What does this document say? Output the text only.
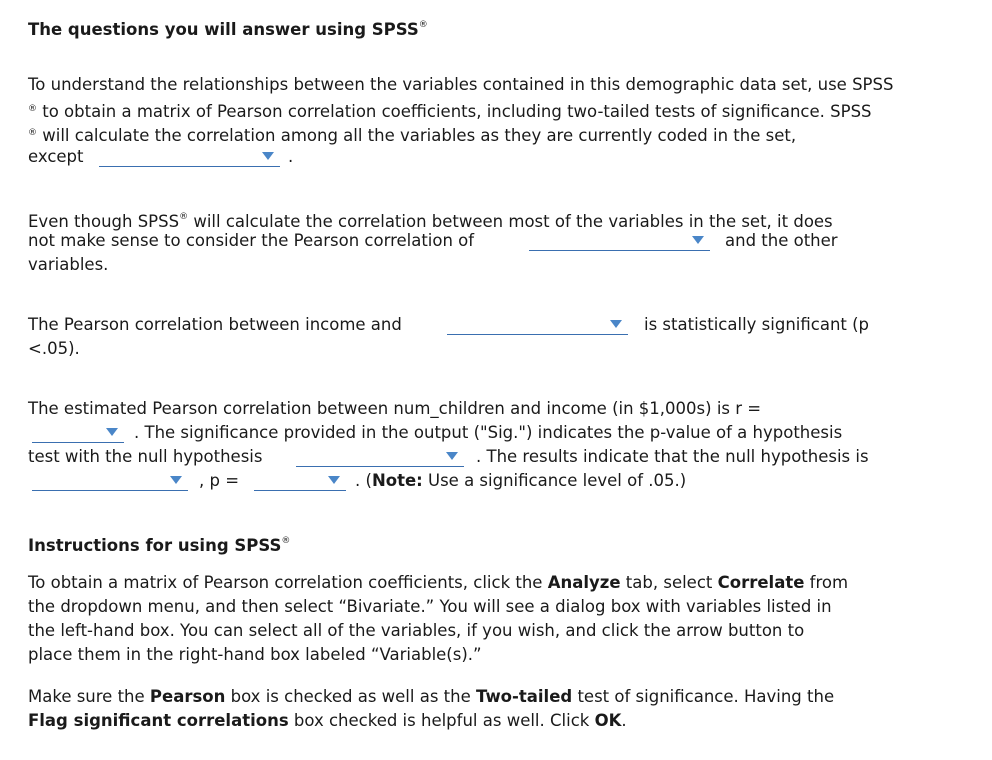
The questions you will answer using SPSS®
To understand the relationships between the variables contained in this demographic data set, use SPSS
® to obtain a matrix of Pearson correlation coefficients, including two-tailed tests of significance. SPSS
® will calculate the correlation among all the variables as they are currently coded in the set,
except	.
Even though SPSS® will calculate the correlation between most of the variables in the set, it does
not make sense to consider the Pearson correlation of	and the other
variables.
The Pearson correlation between income and	is statistically significant (p
<.05).
The estimated Pearson correlation between num_children and income (in $1,000s) is r =
. The significance provided in the output ("Sig.") indicates the p-value of a hypothesis
test with the null hypothesis	. The results indicate that the null hypothesis is
, p =	. (Note: Use a significance level of .05.)
Instructions for using SPSS®
To obtain a matrix of Pearson correlation coefficients, click the Analyze tab, select Correlate from
the dropdown menu, and then select “Bivariate.” You will see a dialog box with variables listed in
the left-hand box. You can select all of the variables, if you wish, and click the arrow button to
place them in the right-hand box labeled “Variable(s).”
Make sure the Pearson box is checked as well as the Two-tailed test of significance. Having the
Flag significant correlations box checked is helpful as well. Click OK.
